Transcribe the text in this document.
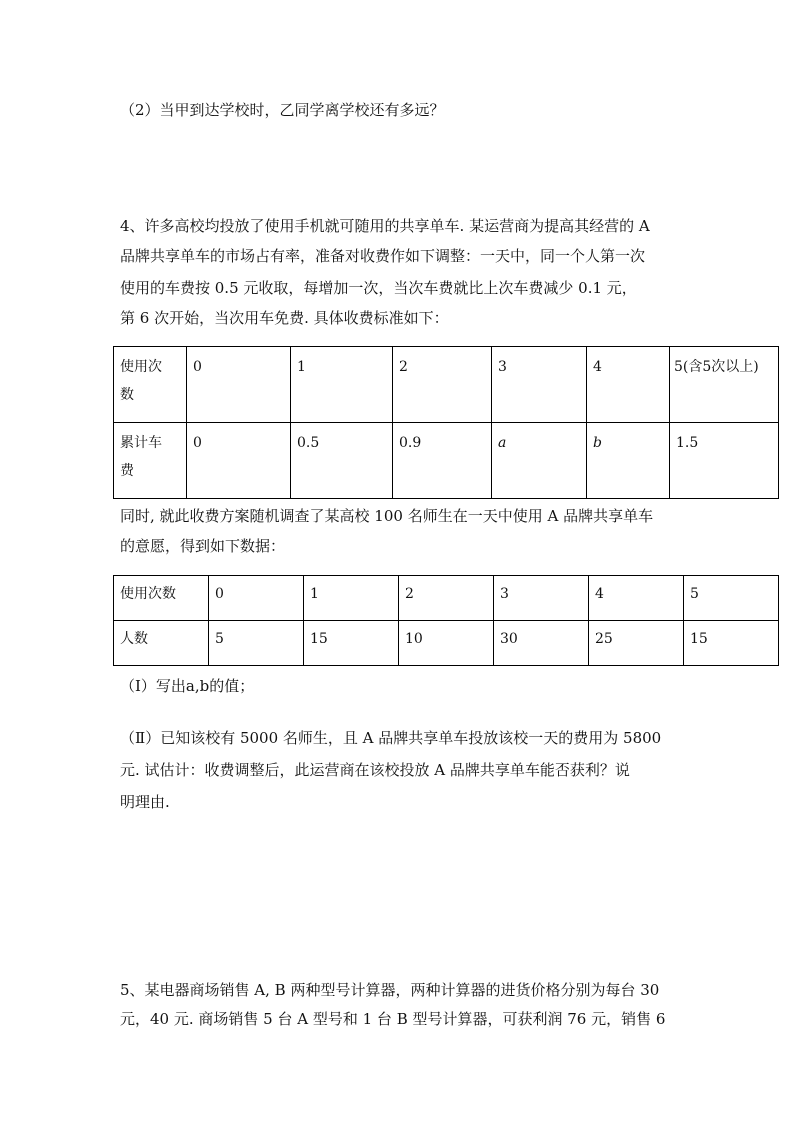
（2）当甲到达学校时，乙同学离学校还有多远？

4、许多高校均投放了使用手机就可随用的共享单车. 某运营商为提高其经营的 A

品牌共享单车的市场占有率，准备对收费作如下调整：一天中，同一个人第一次

使用的车费按 0.5 元收取，每增加一次，当次车费就比上次车费减少 0.1 元，

第 6 次开始，当次用车免费. 具体收费标准如下：

使用次
数	0	1	2	3	4	5(含5次以上)
累计车
费	0	0.5	0.9	a	b	1.5

同时, 就此收费方案随机调查了某高校 100 名师生在一天中使用 A 品牌共享单车

的意愿，得到如下数据：

使用次数	0	1	2	3	4	5
人数	5	15	10	30	25	15

（Ⅰ）写出a,b的值；

（Ⅱ）已知该校有 5000 名师生，且 A 品牌共享单车投放该校一天的费用为 5800

元. 试估计：收费调整后，此运营商在该校投放 A 品牌共享单车能否获利？说

明理由.

5、某电器商场销售 A, B 两种型号计算器，两种计算器的进货价格分别为每台 30

元，40 元. 商场销售 5 台 A 型号和 1 台 B 型号计算器，可获利润 76 元，销售 6
